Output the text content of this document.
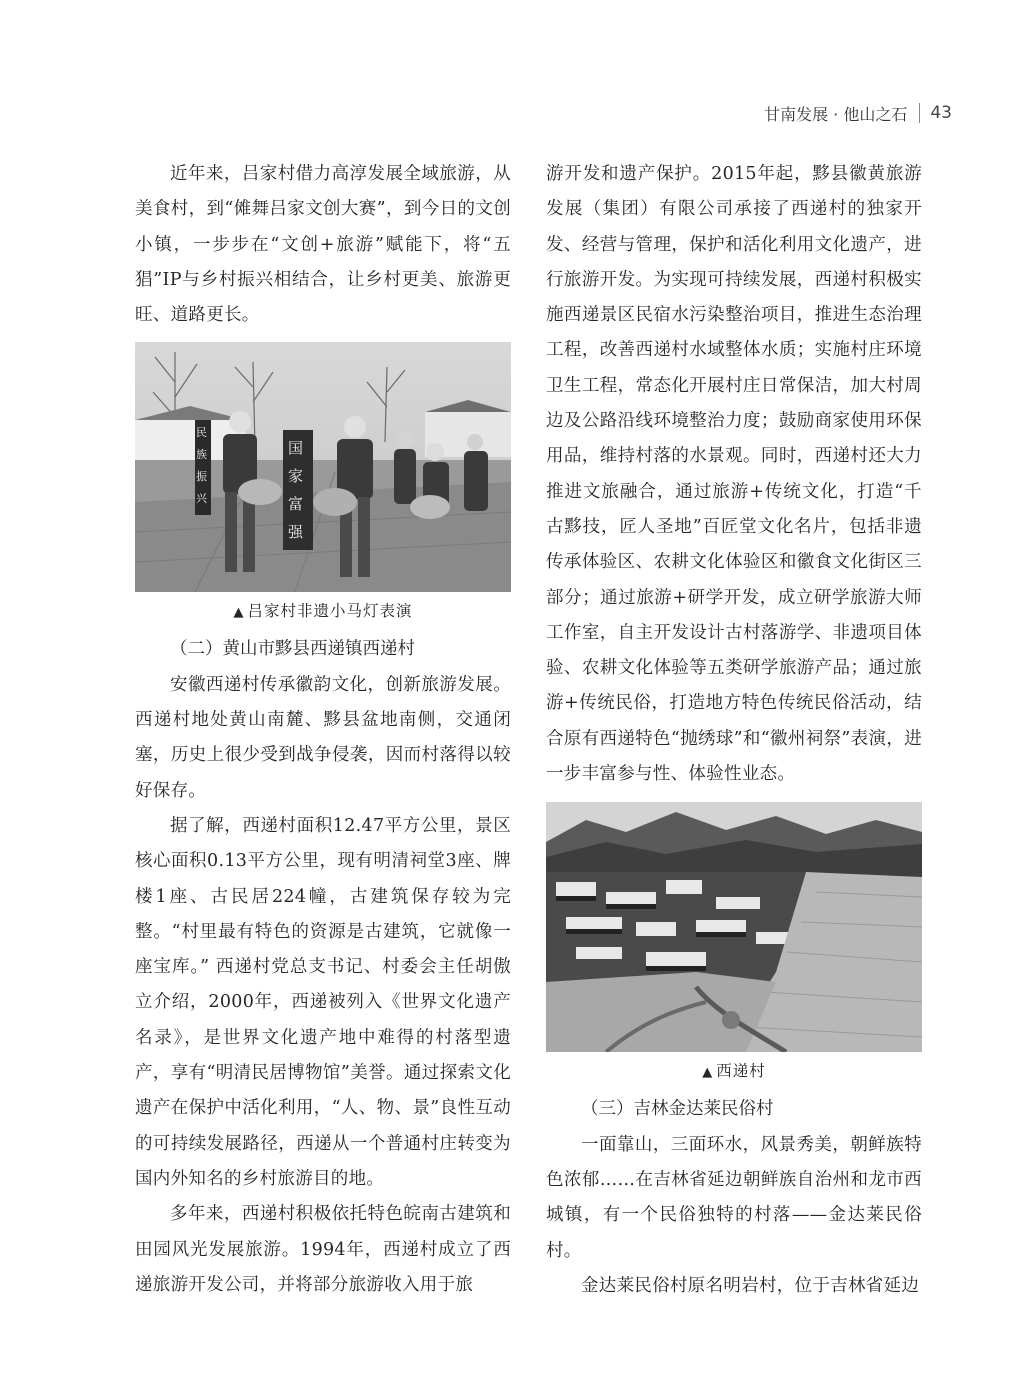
甘南发展 · 他山之石 43

近年来，吕家村借力高淳发展全域旅游，从美食村，到“傩舞吕家文创大赛”，到今日的文创小镇，一步步在“文创+旅游”赋能下，将“五猖”IP与乡村振兴相结合，让乡村更美、旅游更旺、道路更长。

民族振兴
国家富强
▲ 吕家村非遗小马灯表演

（二）黄山市黟县西递镇西递村

安徽西递村传承徽韵文化，创新旅游发展。西递村地处黄山南麓、黟县盆地南侧，交通闭塞，历史上很少受到战争侵袭，因而村落得以较好保存。

据了解，西递村面积12.47平方公里，景区核心面积0.13平方公里，现有明清祠堂3座、牌楼1座、古民居224幢，古建筑保存较为完整。“村里最有特色的资源是古建筑，它就像一座宝库。” 西递村党总支书记、村委会主任胡傲立介绍，2000年，西递被列入《世界文化遗产名录》，是世界文化遗产地中难得的村落型遗产，享有“明清民居博物馆”美誉。通过探索文化遗产在保护中活化利用，“人、物、景”良性互动的可持续发展路径，西递从一个普通村庄转变为国内外知名的乡村旅游目的地。

多年来，西递村积极依托特色皖南古建筑和田园风光发展旅游。1994年，西递村成立了西递旅游开发公司，并将部分旅游收入用于旅

游开发和遗产保护。2015年起，黟县徽黄旅游发展（集团）有限公司承接了西递村的独家开发、经营与管理，保护和活化利用文化遗产，进行旅游开发。为实现可持续发展，西递村积极实施西递景区民宿水污染整治项目，推进生态治理工程，改善西递村水域整体水质；实施村庄环境卫生工程，常态化开展村庄日常保洁，加大村周边及公路沿线环境整治力度；鼓励商家使用环保用品，维持村落的水景观。同时，西递村还大力推进文旅融合，通过旅游+传统文化，打造“千古黟技，匠人圣地”百匠堂文化名片，包括非遗传承体验区、农耕文化体验区和徽食文化街区三部分；通过旅游+研学开发，成立研学旅游大师工作室，自主开发设计古村落游学、非遗项目体验、农耕文化体验等五类研学旅游产品；通过旅游+传统民俗，打造地方特色传统民俗活动，结合原有西递特色“抛绣球”和“徽州祠祭”表演，进一步丰富参与性、体验性业态。

▲ 西递村

（三）吉林金达莱民俗村

一面靠山，三面环水，风景秀美，朝鲜族特色浓郁……在吉林省延边朝鲜族自治州和龙市西城镇，有一个民俗独特的村落——金达莱民俗村。

金达莱民俗村原名明岩村，位于吉林省延边
